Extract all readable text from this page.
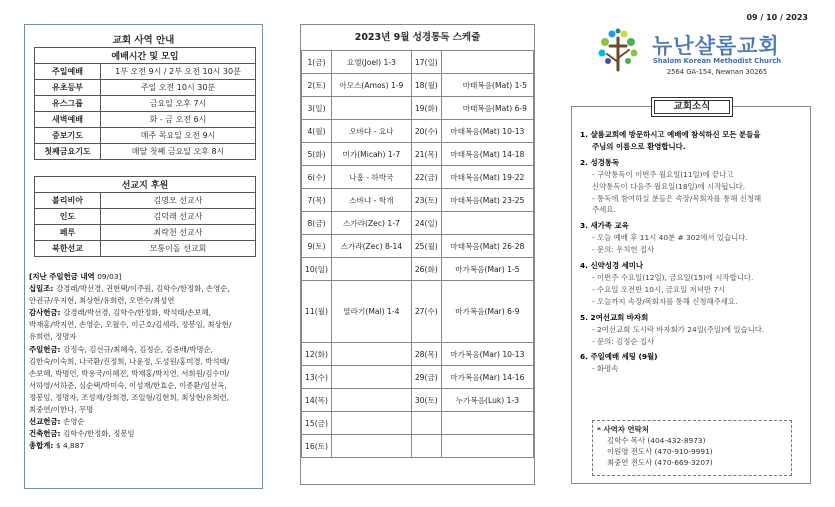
교회 사역 안내
예배시간 및 모임	
주일예배	1부 오전 9시 / 2부 오전 10시 30분
유초등부	주일 오전 10시 30분
유스그룹	금요일 오후 7시
새벽예배	화 - 금 오전 6시
중보기도	매주 목요일 오전 9시
첫째금요기도	매달 첫째 금요일 오후 8시
선교지 후원	
볼리비아	김명모 선교사
인도	김덕래 선교사
페루	최락천 선교사
북한선교	모퉁이돌 선교회
[지난 주일헌금 내역 09/03]
십일조: 강경래/박선경, 권현택/이주원, 김학수/한정화, 손영순,
안권규/우지현, 최상현/유희련, 오면수/최성연
감사헌금: 강경래/박선경, 김학수/한정화, 박석태/손보혜,
박재홍/박지연, 손영순, 오월수, 이근호/김세라, 정봉임, 최상현/
유희련, 정명자
주일헌금: 강정숙, 김선규/최혜숙, 김정순, 김중배/박명순,
김한숙/이숙희, 나국환/진정희, 나윤정, 도성원/홍미경, 박석태/
손보혜, 박명언, 박용국/이혜진, 박재홍/박지연, 서희원/김수미/
서하영/서하준, 심순택/박미숙, 이성재/한효순, 이종환/임선옥,
정봉임, 정명자, 조성재/장희경, 조일형/김현희, 최상현/유희련,
최중연/이한나, 무명
선교헌금: 손영순
건축헌금: 김학수/한정화, 정봉임
총합계: $ 4,887
2023년 9월 성경통독 스케줄
1(금)	요엘(Joel) 1-3	17(일)	
2(토)	아모스(Amos) 1-9	18(월)	마태복음(Mat) 1-5
3(일)		19(화)	마태복음(Mat) 6-9
4(월)	오바댜 - 요나	20(수)	마태복음(Mat) 10-13
5(화)	미가(Micah) 1-7	21(목)	마태복음(Mat) 14-18
6(수)	나훔 - 하박국	22(금)	마태복음(Mat) 19-22
7(목)	스바냐 - 학개	23(토)	마태복음(Mat) 23-25
8(금)	스가랴(Zec) 1-7	24(일)	
9(토)	스가랴(Zec) 8-14	25(월)	마태복음(Mat) 26-28
10(일)		26(화)	마가복음(Mar) 1-5
11(월)	말라기(Mal) 1-4	27(수)	마가복음(Mar) 6-9
12(화)		28(목)	마가복음(Mar) 10-13
13(수)		29(금)	마가복음(Mar) 14-16
14(목)		30(토)	누가복음(Luk) 1-3
15(금)			
16(토)			
09 / 10 / 2023
뉴난샬롬교회
Shalom Korean Methodist Church
2564 GA-154, Newnan 30265
교회소식
1. 샬롬교회에 방문하시고 예배에 참석하신 모든 분들을
주님의 이름으로 환영합니다.
2. 성경통독
- 구약통독이 이번주 월요일(11일)에 끝나고
신약통독이 다음주 월요일(18일)에 시작됩니다.
- 통독에 참여하실 분들은 속장/목회자를 통해 신청해
주세요.
3. 새가족 교육
- 오늘 예배 후 11시 40분 # 302에서 있습니다.
- 문의: 우치헌 집사
4. 신약성경 세미나
- 이번주 수요일(12일), 금요일(15)에 시작합니다.
- 수요일 오전반 10시, 금요일 저녁반 7시
- 오늘까지 속장/목회자를 통해 신청해주세요.
5. 2여선교회 바자회
- 2여선교회 도시락 바자회가 24일(주일)에 있습니다.
- 문의: 김정순 집사
6. 주일예배 세팅 (9월)
- 화평속
* 사역자 연락처
김학수 목사 (404-432-8973)
이원영 전도사 (470-910-9991)
최중연 전도사 (470-669-3207)
